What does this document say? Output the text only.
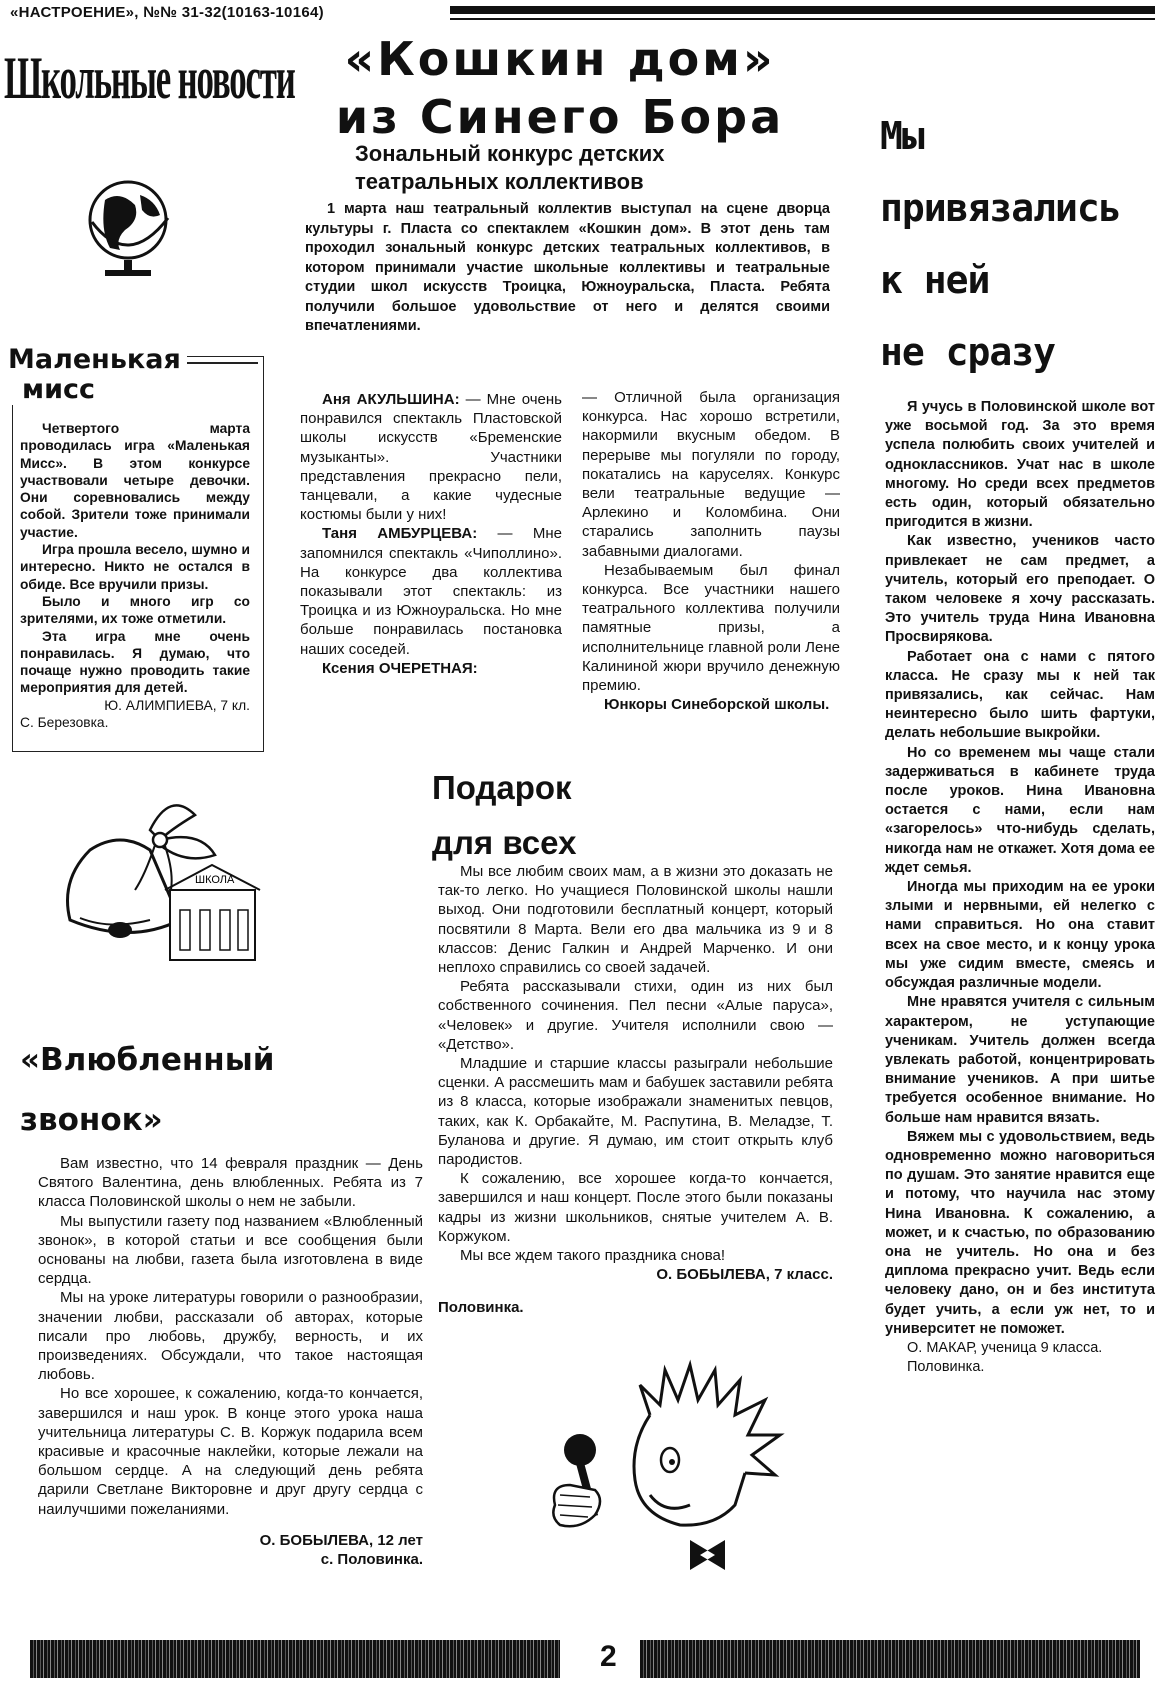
«НАСТРОЕНИЕ», №№ 31-32(10163-10164)
Школьные новости	«Кошкин дом»
из Синего Бора
Зональный конкурс детских театральных коллективов
1 марта наш театральный коллектив выступал на сцене дворца культуры г. Пласта со спектаклем «Кошкин дом». В этот день там проходил зональный конкурс детских театральных коллективов, в котором принимали участие школьные коллективы и театральные студии школ искусств Троицка, Южноуральска, Пласта. Ребята получили большое удовольствие от него и делятся своими впечатлениями.

Аня АКУЛЬШИНА: — Мне очень понравился спектакль Пластовской школы искусств «Бременские музыканты». Участники представления прекрасно пели, танцевали, а какие чудесные костюмы были у них!

Таня АМБУРЦЕВА: — Мне запомнился спектакль «Чиполлино». На конкурсе два коллектива показывали этот спектакль: из Троицка и из Южноуральска. Но мне больше понравилась постановка наших соседей.

Ксения ОЧЕРЕТНАЯ:

— Отличной была организация конкурса. Нас хорошо встретили, накормили вкусным обедом. В перерыве мы погуляли по городу, покатались на каруселях. Конкурс вели театральные ведущие — Арлекино и Коломбина. Они старались заполнить паузы забавными диалогами.

Незабываемым был финал конкурса. Все участники нашего театрального коллектива получили памятные призы, а исполнительнице главной роли Лене Калининой жюри вручило денежную премию.

Юнкоры Синеборской школы.

Маленькая
мисс

Четвертого марта проводилась игра «Маленькая Мисс». В этом конкурсе участвовали четыре девочки. Они соревновались между собой. Зрители тоже принимали участие.

Игра прошла весело, шумно и интересно. Никто не остался в обиде. Все вручили призы.

Было и много игр со зрителями, их тоже отметили.

Эта игра мне очень понравилась. Я думаю, что почаще нужно проводить такие мероприятия для детей.

Ю. АЛИМПИЕВА, 7 кл.

С. Березовка.

Мы
привязались
к ней
не сразу

Я учусь в Половинской школе вот уже восьмой год. За это время успела полюбить своих учителей и одноклассников. Учат нас в школе многому. Но среди всех предметов есть один, который обязательно пригодится в жизни.

Как известно, учеников часто привлекает не сам предмет, а учитель, который его преподает. О таком человеке я хочу рассказать. Это учитель труда Нина Ивановна Просвирякова.

Работает она с нами с пятого класса. Не сразу мы к ней так привязались, как сейчас. Нам неинтересно было шить фартуки, делать небольшие выкройки.

Но со временем мы чаще стали задерживаться в кабинете труда после уроков. Нина Ивановна остается с нами, если нам «загорелось» что-нибудь сделать, никогда нам не откажет. Хотя дома ее ждет семья.

Иногда мы приходим на ее уроки злыми и нервными, ей нелегко с нами справиться. Но она ставит всех на свое место, и к концу урока мы уже сидим вместе, смеясь и обсуждая различные модели.

Мне нравятся учителя с сильным характером, не уступающие ученикам. Учитель должен всегда увлекать работой, концентрировать внимание учеников. А при шитье требуется особенное внимание. Но больше нам нравится вязать.

Вяжем мы с удовольствием, ведь одновременно можно наговориться по душам. Это занятие нравится еще и потому, что научила нас этому Нина Ивановна. К сожалению, а может, и к счастью, по образованию она не учитель. Но она и без диплома прекрасно учит. Ведь если человеку дано, он и без института будет учить, а если уж нет, то и университет не поможет.

О. МАКАР, ученица 9 класса.

Половинка.

ШКОЛА
Подарок
для всех

Мы все любим своих мам, а в жизни это доказать не так-то легко. Но учащиеся Половинской школы нашли выход. Они подготовили бесплатный концерт, который посвятили 8 Марта. Вели его два мальчика из 9 и 8 классов: Денис Галкин и Андрей Марченко. И они неплохо справились со своей задачей.

Ребята рассказывали стихи, один из них был собственного сочинения. Пел песни «Алые паруса», «Человек» и другие. Учителя исполнили свою — «Детство».

Младшие и старшие классы разыграли небольшие сценки. А рассмешить мам и бабушек заставили ребята из 8 класса, которые изображали знаменитых певцов, таких, как К. Орбакайте, М. Распутина, В. Меладзе, Т. Буланова и другие. Я думаю, им стоит открыть клуб пародистов.

К сожалению, все хорошее когда-то кончается, завершился и наш концерт. После этого были показаны кадры из жизни школьников, снятые учителем А. В. Коржуком.

Мы все ждем такого праздника снова!

О. БОБЫЛЕВА, 7 класс.

Половинка.

«Влюбленный
звонок»

Вам известно, что 14 февраля праздник — День Святого Валентина, день влюбленных. Ребята из 7 класса Половинской школы о нем не забыли.

Мы выпустили газету под названием «Влюбленный звонок», в которой статьи и все сообщения были основаны на любви, газета была изготовлена в виде сердца.

Мы на уроке литературы говорили о разнообразии, значении любви, рассказали об авторах, которые писали про любовь, дружбу, верность, и их произведениях. Обсуждали, что такое настоящая любовь.

Но все хорошее, к сожалению, когда-то кончается, завершился и наш урок. В конце этого урока наша учительница литературы С. В. Коржук подарила всем красивые и красочные наклейки, которые лежали на большом сердце. А на следующий день ребята дарили Светлане Викторовне и друг другу сердца с наилучшими пожеланиями.

О. БОБЫЛЕВА, 12 лет

с. Половинка.

2
